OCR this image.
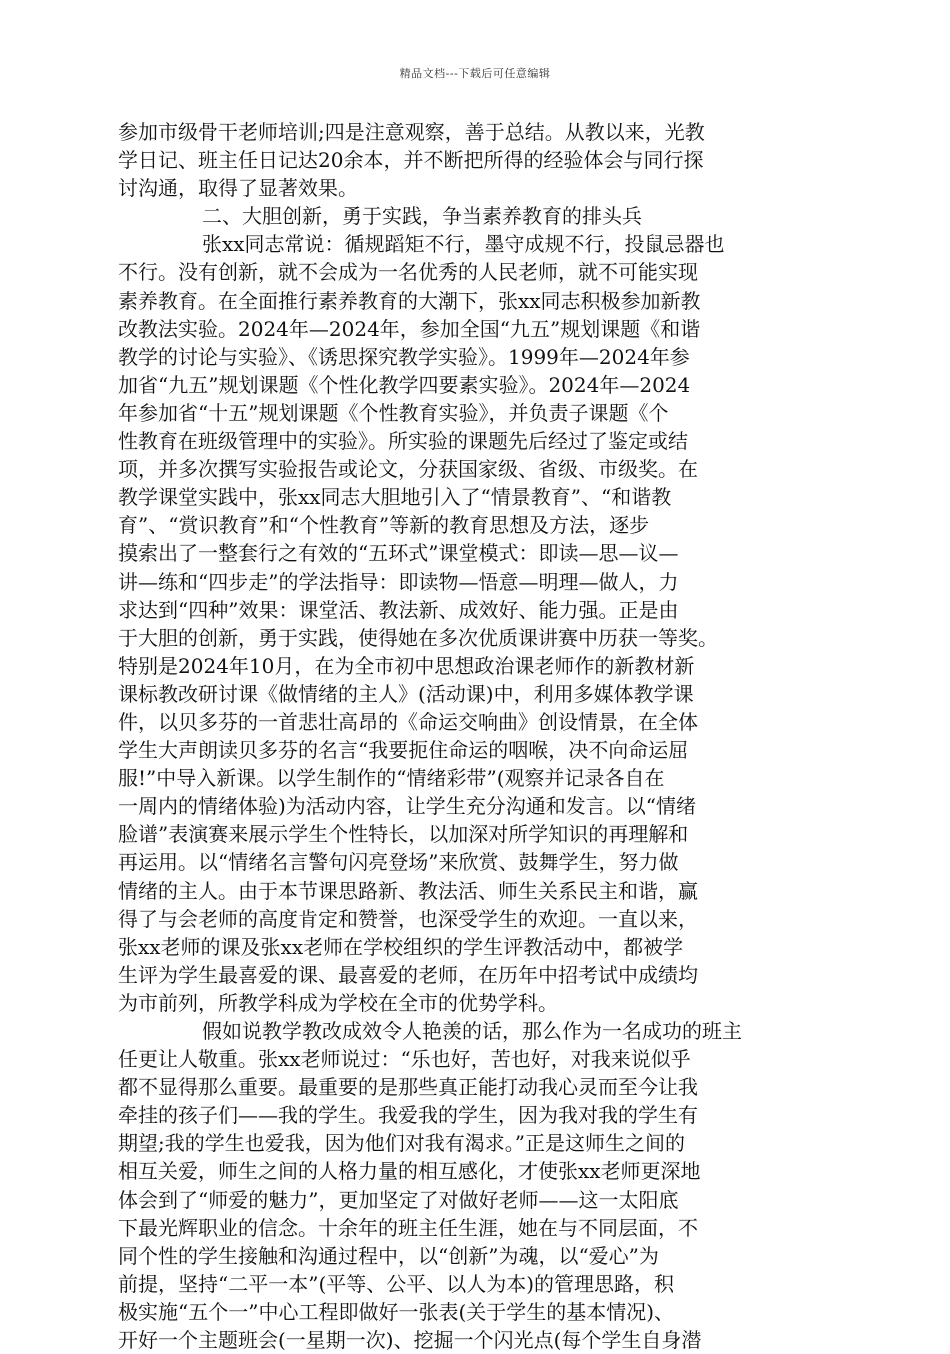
精品文档---下载后可任意编辑
参加市级骨干老师培训;四是注意观察，善于总结。从教以来，光教
学日记、班主任日记达20余本，并不断把所得的经验体会与同行探
讨沟通，取得了显著效果。
二、大胆创新，勇于实践，争当素养教育的排头兵
张xx同志常说：循规蹈矩不行，墨守成规不行，投鼠忌器也
不行。没有创新，就不会成为一名优秀的人民老师，就不可能实现
素养教育。在全面推行素养教育的大潮下，张xx同志积极参加新教
改教法实验。2024年—2024年，参加全国“九五”规划课题《和谐
教学的讨论与实验》、《诱思探究教学实验》。1999年—2024年参
加省“九五”规划课题《个性化教学四要素实验》。2024年—2024
年参加省“十五”规划课题《个性教育实验》，并负责子课题《个
性教育在班级管理中的实验》。所实验的课题先后经过了鉴定或结
项，并多次撰写实验报告或论文，分获国家级、省级、市级奖。在
教学课堂实践中，张xx同志大胆地引入了“情景教育”、“和谐教
育”、“赏识教育”和“个性教育”等新的教育思想及方法，逐步
摸索出了一整套行之有效的“五环式”课堂模式：即读—思—议—
讲—练和“四步走”的学法指导：即读物—悟意—明理—做人，力
求达到“四种”效果：课堂活、教法新、成效好、能力强。正是由
于大胆的创新，勇于实践，使得她在多次优质课讲赛中历获一等奖。
特别是2024年10月，在为全市初中思想政治课老师作的新教材新
课标教改研讨课《做情绪的主人》(活动课)中，利用多媒体教学课
件，以贝多芬的一首悲壮高昂的《命运交响曲》创设情景，在全体
学生大声朗读贝多芬的名言“我要扼住命运的咽喉，决不向命运屈
服!”中导入新课。以学生制作的“情绪彩带”(观察并记录各自在
一周内的情绪体验)为活动内容，让学生充分沟通和发言。以“情绪
脸谱”表演赛来展示学生个性特长，以加深对所学知识的再理解和
再运用。以“情绪名言警句闪亮登场”来欣赏、鼓舞学生，努力做
情绪的主人。由于本节课思路新、教法活、师生关系民主和谐，赢
得了与会老师的高度肯定和赞誉，也深受学生的欢迎。一直以来，
张xx老师的课及张xx老师在学校组织的学生评教活动中，都被学
生评为学生最喜爱的课、最喜爱的老师，在历年中招考试中成绩均
为市前列，所教学科成为学校在全市的优势学科。
假如说教学教改成效令人艳羡的话，那么作为一名成功的班主
任更让人敬重。张xx老师说过：“乐也好，苦也好，对我来说似乎
都不显得那么重要。最重要的是那些真正能打动我心灵而至今让我
牵挂的孩子们——我的学生。我爱我的学生，因为我对我的学生有
期望;我的学生也爱我，因为他们对我有渴求。”正是这师生之间的
相互关爱，师生之间的人格力量的相互感化，才使张xx老师更深地
体会到了“师爱的魅力”，更加坚定了对做好老师——这一太阳底
下最光辉职业的信念。十余年的班主任生涯，她在与不同层面，不
同个性的学生接触和沟通过程中，以“创新”为魂，以“爱心”为
前提，坚持“二平一本”(平等、公平、以人为本)的管理思路，积
极实施“五个一”中心工程即做好一张表(关于学生的基本情况)、
开好一个主题班会(一星期一次)、挖掘一个闪光点(每个学生自身潜
